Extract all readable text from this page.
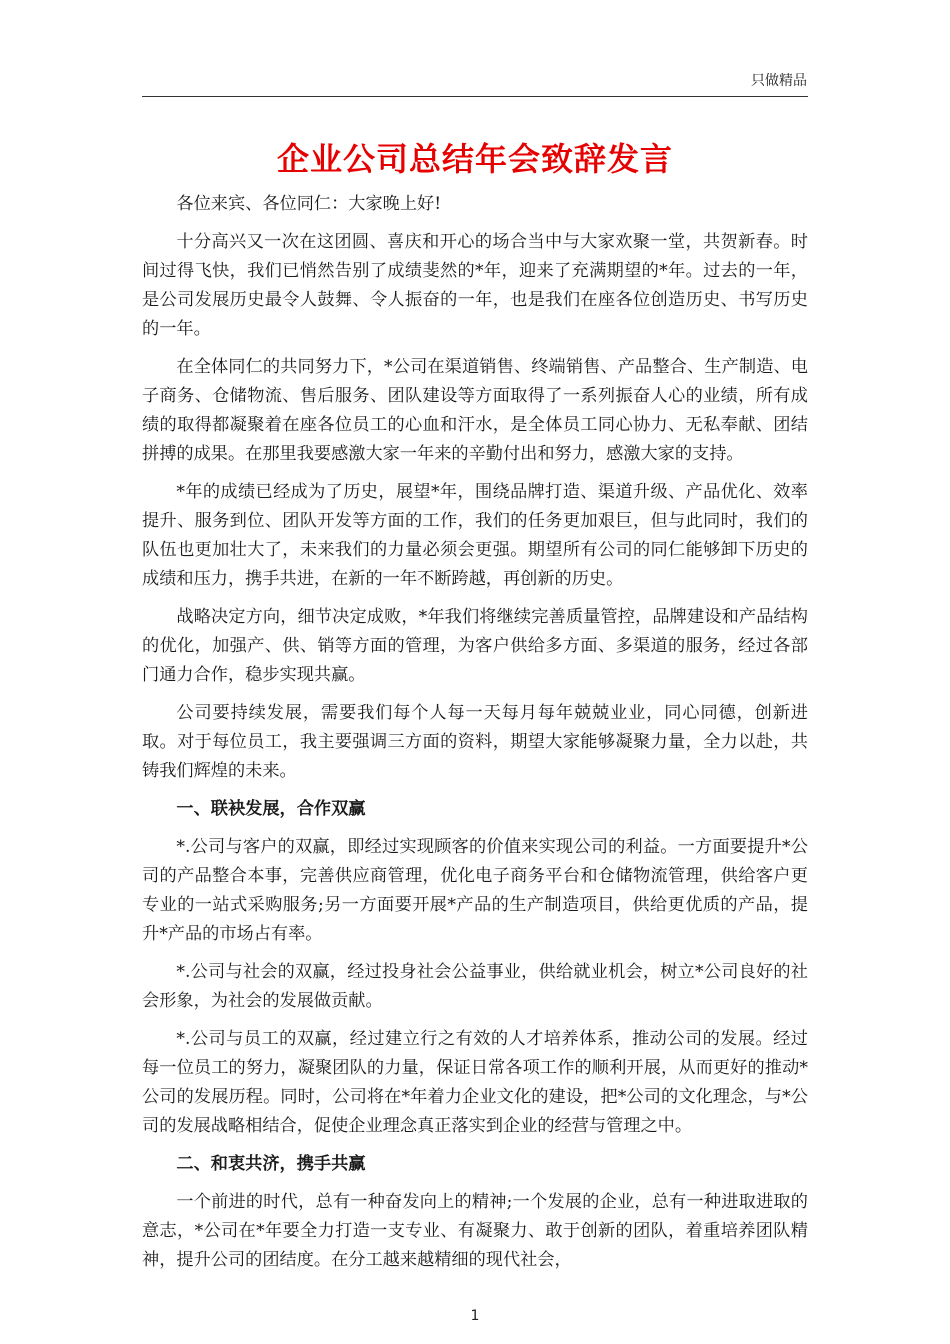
只做精品
企业公司总结年会致辞发言

各位来宾、各位同仁：大家晚上好!

十分高兴又一次在这团圆、喜庆和开心的场合当中与大家欢聚一堂，共贺新春。时间过得飞快，我们已悄然告别了成绩斐然的*年，迎来了充满期望的*年。过去的一年，是公司发展历史最令人鼓舞、令人振奋的一年，也是我们在座各位创造历史、书写历史的一年。

在全体同仁的共同努力下，*公司在渠道销售、终端销售、产品整合、生产制造、电子商务、仓储物流、售后服务、团队建设等方面取得了一系列振奋人心的业绩，所有成绩的取得都凝聚着在座各位员工的心血和汗水，是全体员工同心协力、无私奉献、团结拼搏的成果。在那里我要感激大家一年来的辛勤付出和努力，感激大家的支持。

*年的成绩已经成为了历史，展望*年，围绕品牌打造、渠道升级、产品优化、效率提升、服务到位、团队开发等方面的工作，我们的任务更加艰巨，但与此同时，我们的队伍也更加壮大了，未来我们的力量必须会更强。期望所有公司的同仁能够卸下历史的成绩和压力，携手共进，在新的一年不断跨越，再创新的历史。

战略决定方向，细节决定成败，*年我们将继续完善质量管控，品牌建设和产品结构的优化，加强产、供、销等方面的管理，为客户供给多方面、多渠道的服务，经过各部门通力合作，稳步实现共赢。

公司要持续发展，需要我们每个人每一天每月每年兢兢业业，同心同德，创新进取。对于每位员工，我主要强调三方面的资料，期望大家能够凝聚力量，全力以赴，共铸我们辉煌的未来。

一、联袂发展，合作双赢

*.公司与客户的双赢，即经过实现顾客的价值来实现公司的利益。一方面要提升*公司的产品整合本事，完善供应商管理，优化电子商务平台和仓储物流管理，供给客户更专业的一站式采购服务;另一方面要开展*产品的生产制造项目，供给更优质的产品，提升*产品的市场占有率。

*.公司与社会的双赢，经过投身社会公益事业，供给就业机会，树立*公司良好的社会形象，为社会的发展做贡献。

*.公司与员工的双赢，经过建立行之有效的人才培养体系，推动公司的发展。经过每一位员工的努力，凝聚团队的力量，保证日常各项工作的顺利开展，从而更好的推动*公司的发展历程。同时，公司将在*年着力企业文化的建设，把*公司的文化理念，与*公司的发展战略相结合，促使企业理念真正落实到企业的经营与管理之中。

二、和衷共济，携手共赢

一个前进的时代，总有一种奋发向上的精神;一个发展的企业，总有一种进取进取的意志，*公司在*年要全力打造一支专业、有凝聚力、敢于创新的团队，着重培养团队精神，提升公司的团结度。在分工越来越精细的现代社会，

1
